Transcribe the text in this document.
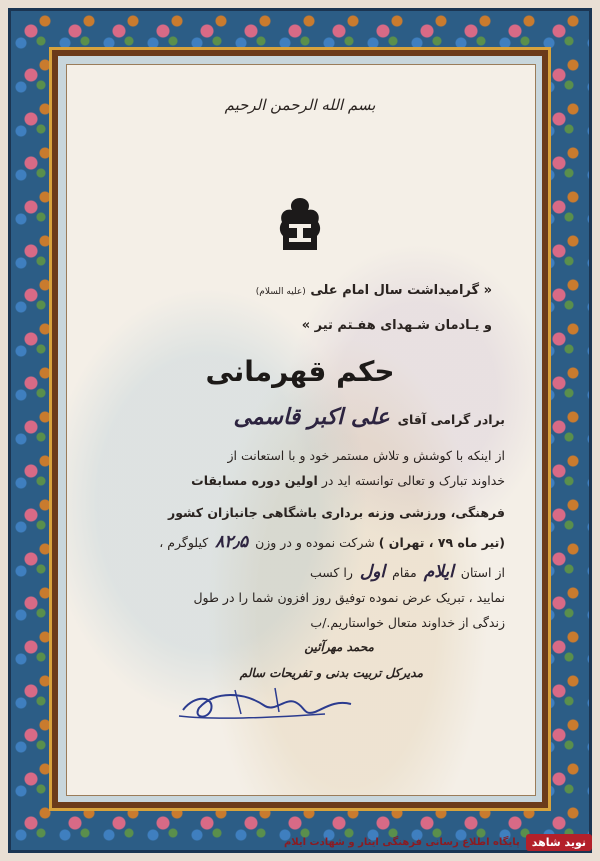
بسم الله الرحمن الرحیم
« گرامیداشت سال امام علی (علیه السلام)
و یـادمان شـهدای هفـتم تیر »
حکم قهرمانی
برادر گرامی آقای علی اکبر قاسمی
از اینکه با کوشش و تلاش مستمر خود و با استعانت از
خداوند تبارک و تعالی توانسته اید در اولین دوره مسابقات
فرهنگی، ورزشی وزنه برداری باشگاهی جانبازان کشور
(تیر ماه ۷۹ ، تهران ) شرکت نموده و در وزن ۸۲٫۵ کیلوگرم ،
از استان ایلام مقام اول را کسب
نمایید ، تبریک عرض نموده توفیق روز افزون شما را در طول
زندگی از خداوند متعال خواستاریم./ب
محمد مهرآئین
مدیرکل تربیت بدنی و تفریحات سالم
نوید شاهد
پایگاه اطلاع رسانی فرهنگی ایثار و شهادت ایلام
